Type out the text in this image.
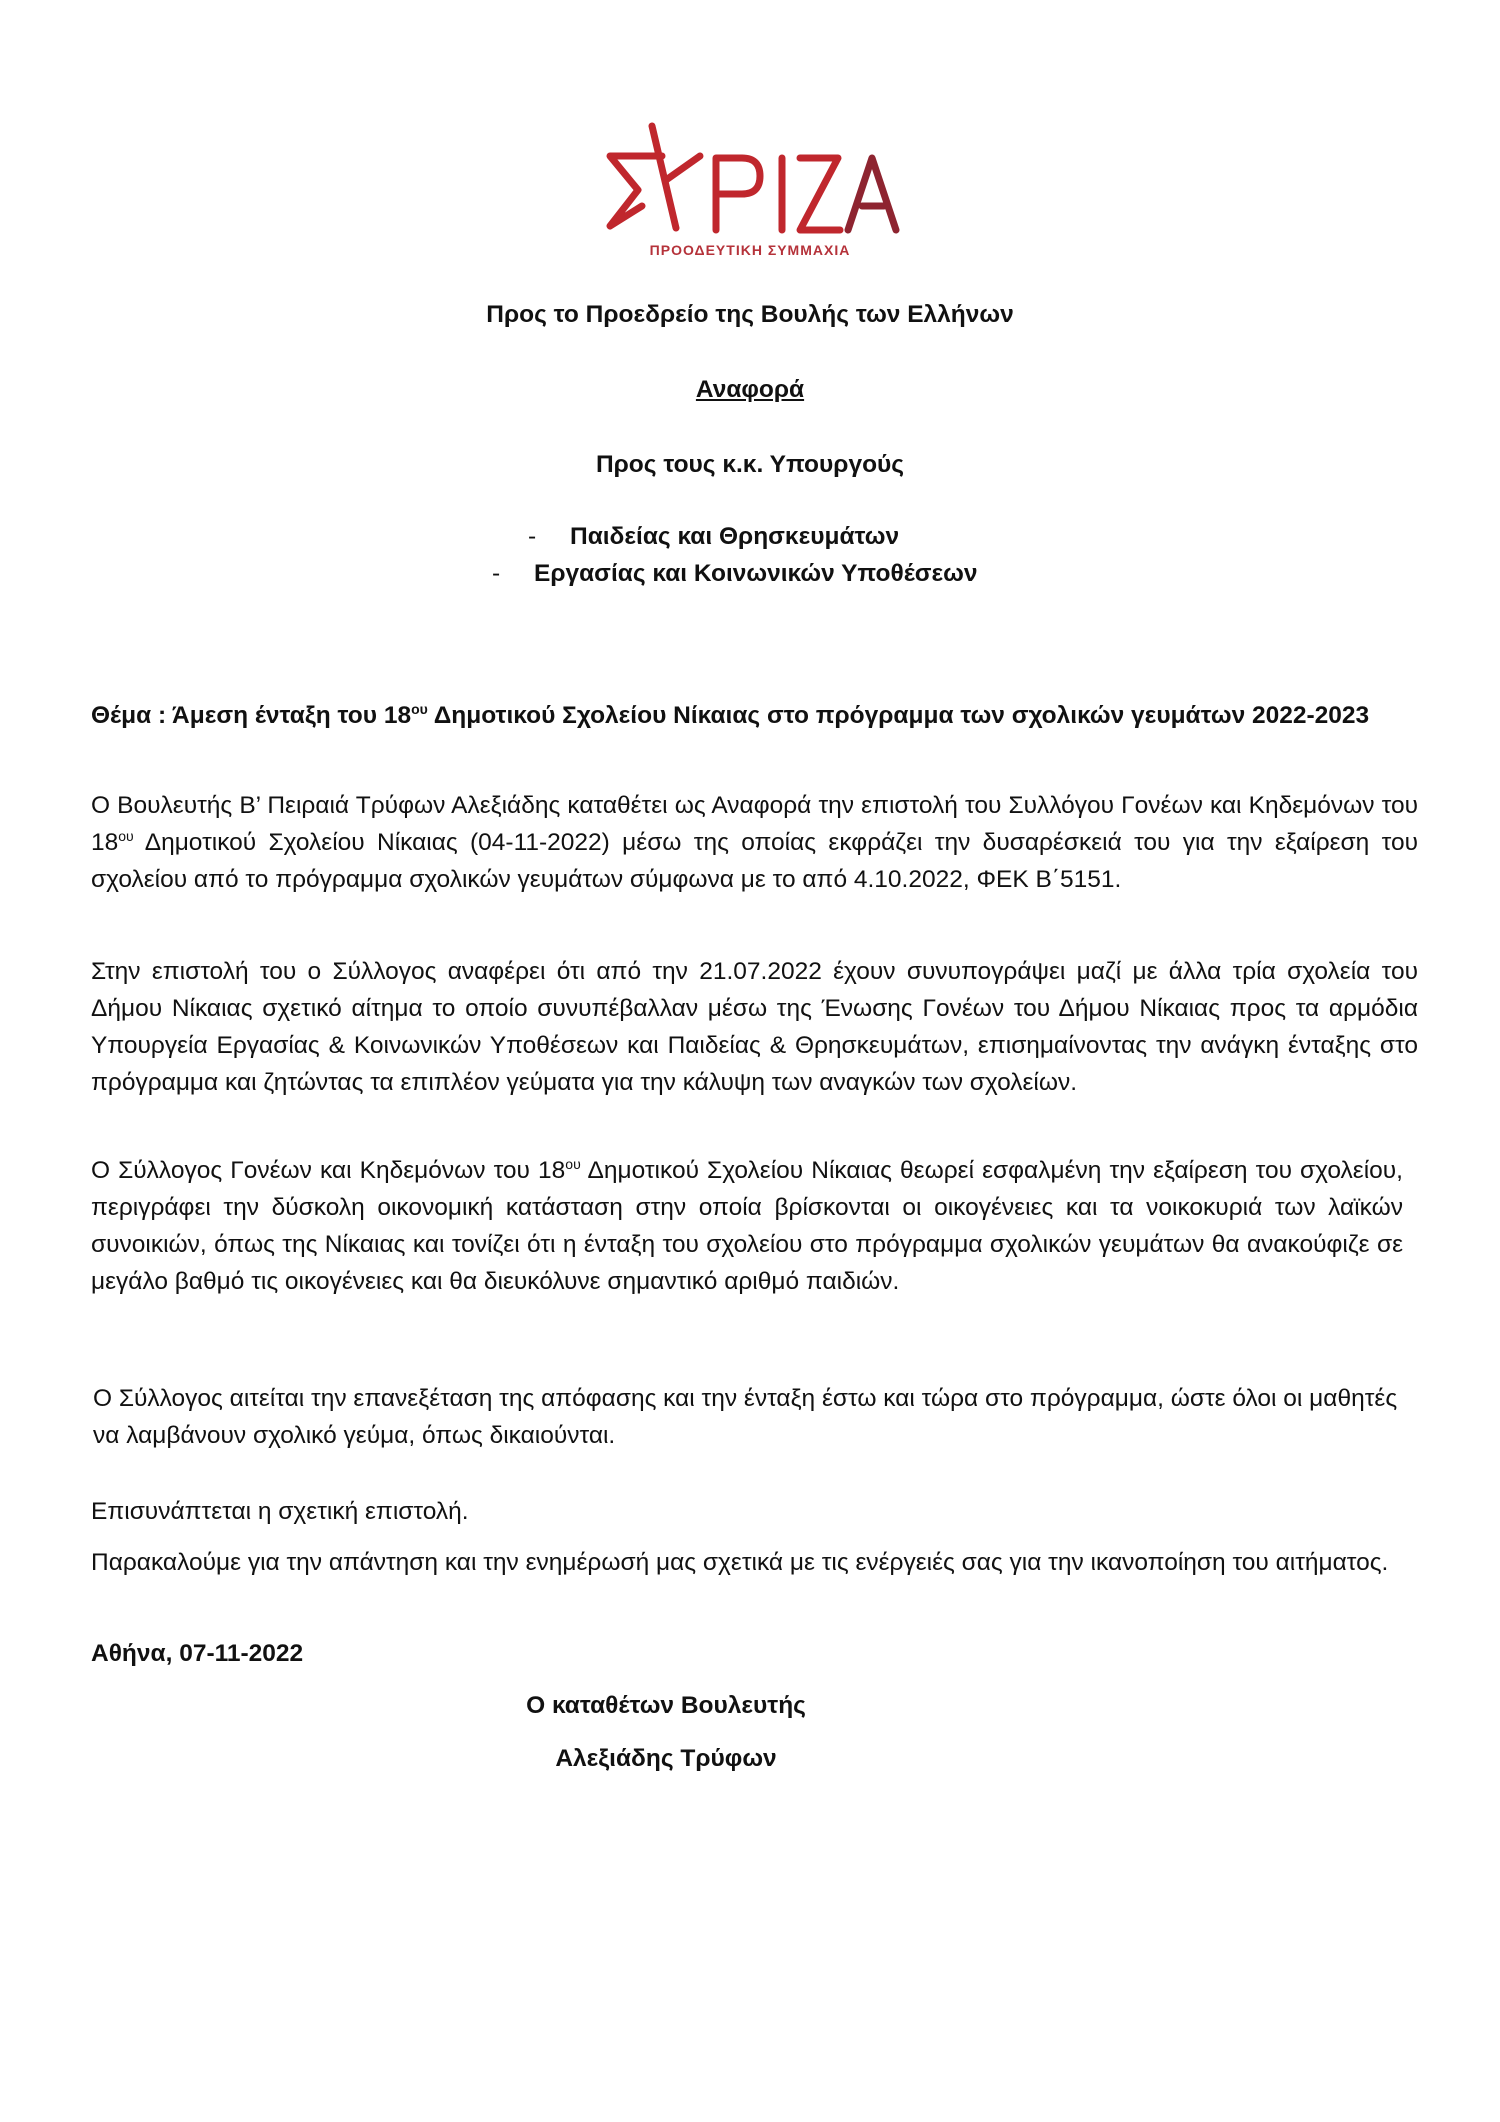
ΠΡΟΟΔΕΥΤΙΚΗ ΣΥΜΜΑΧΙΑ
Προς το Προεδρείο της Βουλής των Ελλήνων
Αναφορά
Προς τους κ.κ. Υπουργούς
- Παιδείας και Θρησκευμάτων
- Εργασίας και Κοινωνικών Υποθέσεων
Θέμα : Άμεση ένταξη του $18^{o\upsilon}$ Δημοτικού Σχολείου Νίκαιας στο πρόγραμμα των σχολικών γευμάτων 2022-2023
Ο Βουλευτής Β’ Πειραιά Τρύφων Αλεξιάδης καταθέτει ως Αναφορά την επιστολή του Συλλόγου Γονέων και Κηδεμόνων του $18^{o\upsilon}$ Δημοτικού Σχολείου Νίκαιας (04-11-2022) μέσω της οποίας εκφράζει την δυσαρέσκειά του για την εξαίρεση του σχολείου από το πρόγραμμα σχολικών γευμάτων σύμφωνα με το από 4.10.2022, ΦΕΚ Β΄5151.
Στην επιστολή του ο Σύλλογος αναφέρει ότι από την 21.07.2022 έχουν συνυπογράψει μαζί με άλλα τρία σχολεία του Δήμου Νίκαιας σχετικό αίτημα το οποίο συνυπέβαλλαν μέσω της Ένωσης Γονέων του Δήμου Νίκαιας προς τα αρμόδια Υπουργεία Εργασίας & Κοινωνικών Υποθέσεων και Παιδείας & Θρησκευμάτων, επισημαίνοντας την ανάγκη ένταξης στο πρόγραμμα και ζητώντας τα επιπλέον γεύματα για την κάλυψη των αναγκών των σχολείων.
Ο Σύλλογος Γονέων και Κηδεμόνων του $18^{o\upsilon}$ Δημοτικού Σχολείου Νίκαιας θεωρεί εσφαλμένη την εξαίρεση του σχολείου, περιγράφει την δύσκολη οικονομική κατάσταση στην οποία βρίσκονται οι οικογένειες και τα νοικοκυριά των λαϊκών συνοικιών, όπως της Νίκαιας και τονίζει ότι η ένταξη του σχολείου στο πρόγραμμα σχολικών γευμάτων θα ανακούφιζε σε μεγάλο βαθμό τις οικογένειες και θα διευκόλυνε σημαντικό αριθμό παιδιών.
Ο Σύλλογος αιτείται την επανεξέταση της απόφασης και την ένταξη έστω και τώρα στο πρόγραμμα, ώστε όλοι οι μαθητές να λαμβάνουν σχολικό γεύμα, όπως δικαιούνται.
Επισυνάπτεται η σχετική επιστολή.
Παρακαλούμε για την απάντηση και την ενημέρωσή μας σχετικά με τις ενέργειές σας για την ικανοποίηση του αιτήματος.
Αθήνα, 07-11-2022
Ο καταθέτων Βουλευτής
Αλεξιάδης Τρύφων
